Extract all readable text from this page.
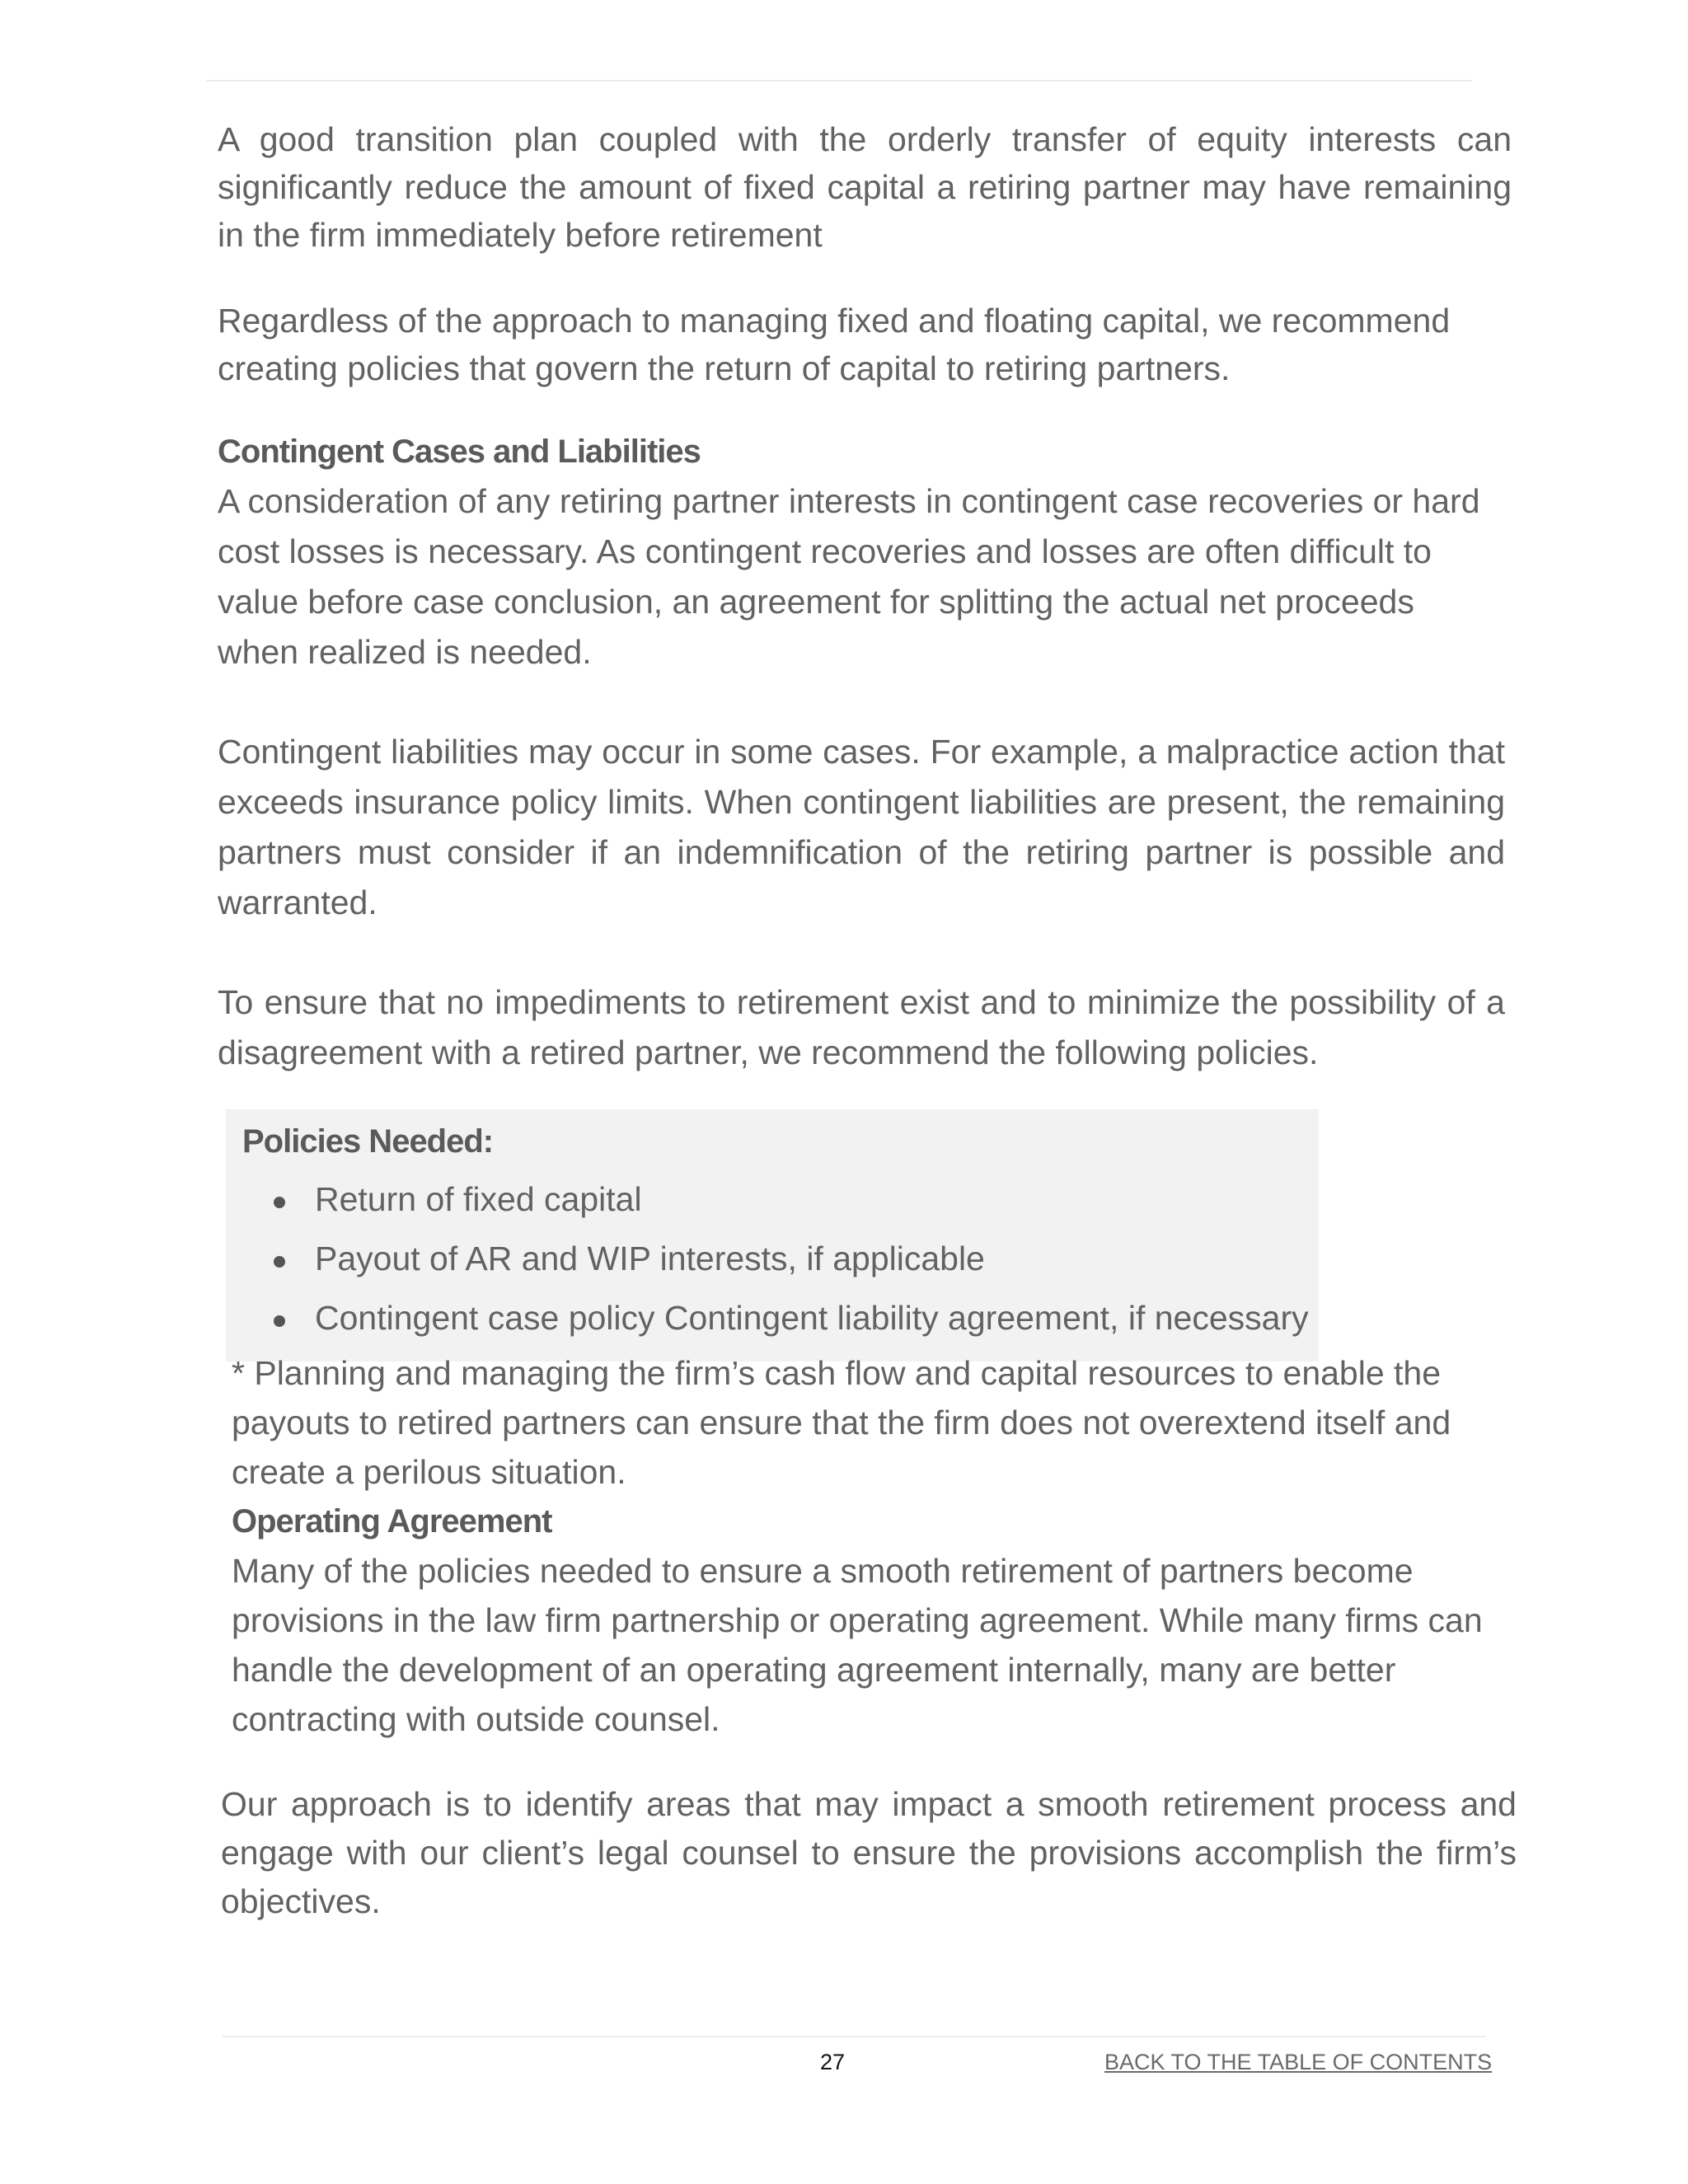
A good transition plan coupled with the orderly transfer of equity interests can significantly reduce the amount of fixed capital a retiring partner may have remaining in the firm immediately before retirement

Regardless of the approach to managing fixed and floating capital, we recommend creating policies that govern the return of capital to retiring partners.

Contingent Cases and Liabilities

A consideration of any retiring partner interests in contingent case recoveries or hard cost losses is necessary. As contingent recoveries and losses are often difficult to value before case conclusion, an agreement for splitting the actual net proceeds when realized is needed.

Contingent liabilities may occur in some cases. For example, a malpractice action that exceeds insurance policy limits. When contingent liabilities are present, the remaining partners must consider if an indemnification of the retiring partner is possible and warranted.

To ensure that no impediments to retirement exist and to minimize the possibility of a disagreement with a retired partner, we recommend the following policies.

Policies Needed:
Return of fixed capital
Payout of AR and WIP interests, if applicable
Contingent case policy Contingent liability agreement, if necessary

* Planning and managing the firm’s cash flow and capital resources to enable the payouts to retired partners can ensure that the firm does not overextend itself and create a perilous situation.

Operating Agreement

Many of the policies needed to ensure a smooth retirement of partners become provisions in the law firm partnership or operating agreement. While many firms can handle the development of an operating agreement internally, many are better contracting with outside counsel.

Our approach is to identify areas that may impact a smooth retirement process and engage with our client’s legal counsel to ensure the provisions accomplish the firm’s objectives.

27	BACK TO THE TABLE OF CONTENTS
